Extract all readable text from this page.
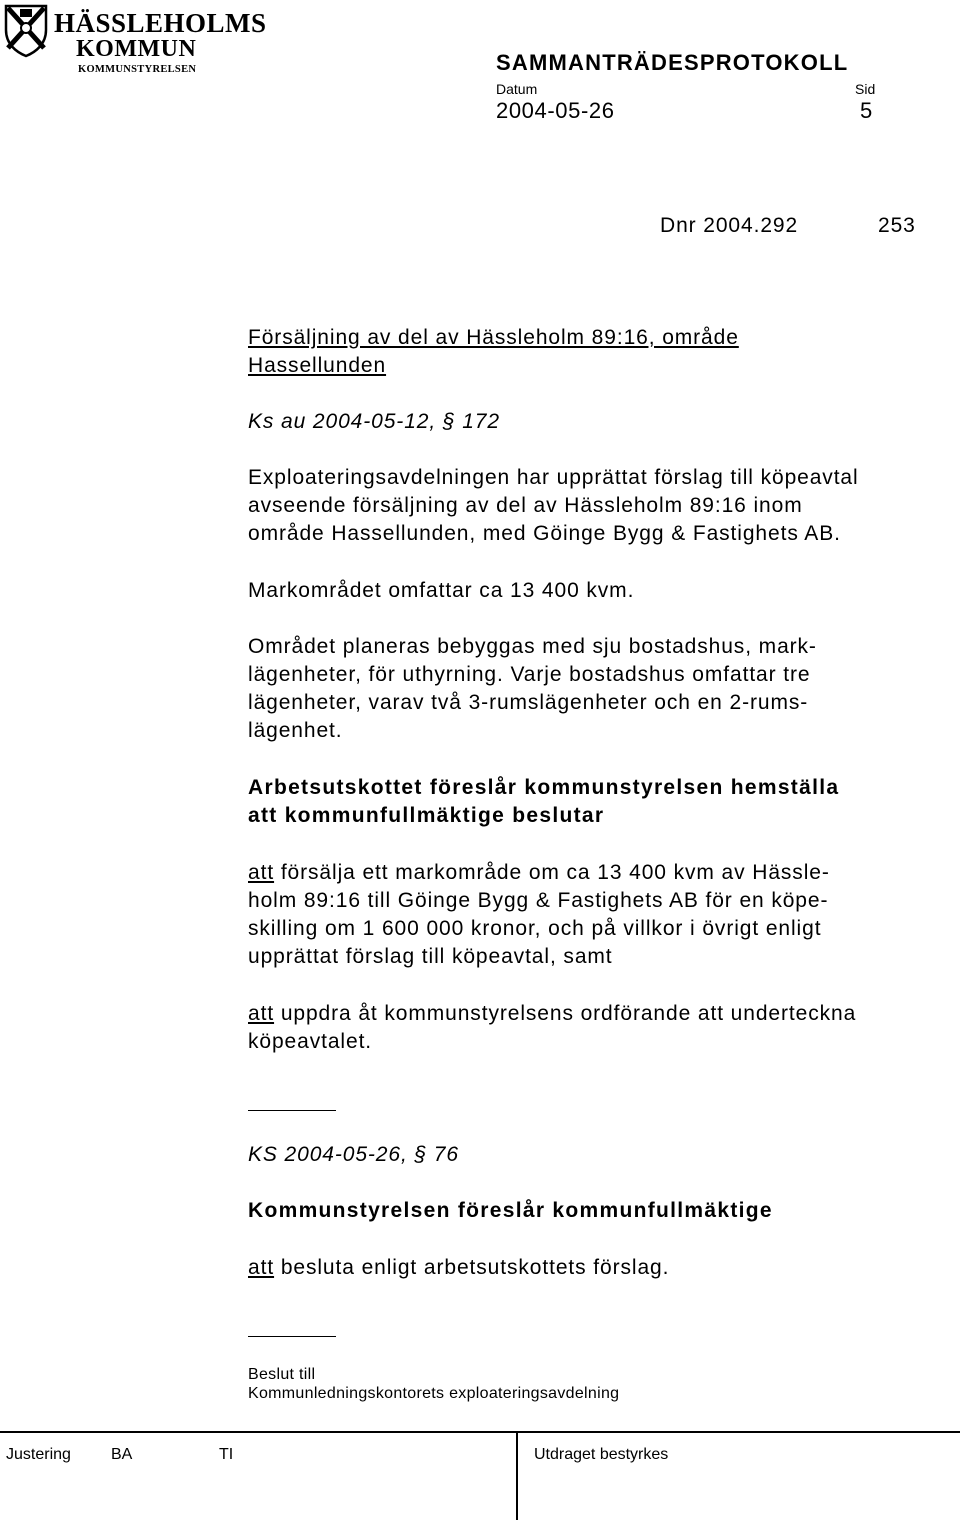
HÄSSLEHOLMS
KOMMUN
KOMMUNSTYRELSEN	SAMMANTRÄDESPROTOKOLL
Datum	Sid
2004-05-26	5
Dnr 2004.292	253
Försäljning av del av Hässleholm 89:16, område
Hassellunden
Ks au 2004-05-12, § 172
Exploateringsavdelningen har upprättat förslag till köpeavtal
avseende försäljning av del av Hässleholm 89:16 inom
område Hassellunden, med Göinge Bygg & Fastighets AB.
Markområdet omfattar ca 13 400 kvm.
Området planeras bebyggas med sju bostadshus, mark-
lägenheter, för uthyrning. Varje bostadshus omfattar tre
lägenheter, varav två 3-rumslägenheter och en 2-rums-
lägenhet.
Arbetsutskottet föreslår kommunstyrelsen hemställa
att kommunfullmäktige beslutar
att försälja ett markområde om ca 13 400 kvm av Hässle-
holm 89:16 till Göinge Bygg & Fastighets AB för en köpe-
skilling om 1 600 000 kronor, och på villkor i övrigt enligt
upprättat förslag till köpeavtal, samt
att uppdra åt kommunstyrelsens ordförande att underteckna
köpeavtalet.
KS 2004-05-26, § 76
Kommunstyrelsen föreslår kommunfullmäktige
att besluta enligt arbetsutskottets förslag.
Beslut till
Kommunledningskontorets exploateringsavdelning
Justering	BA	TI	Utdraget bestyrkes
